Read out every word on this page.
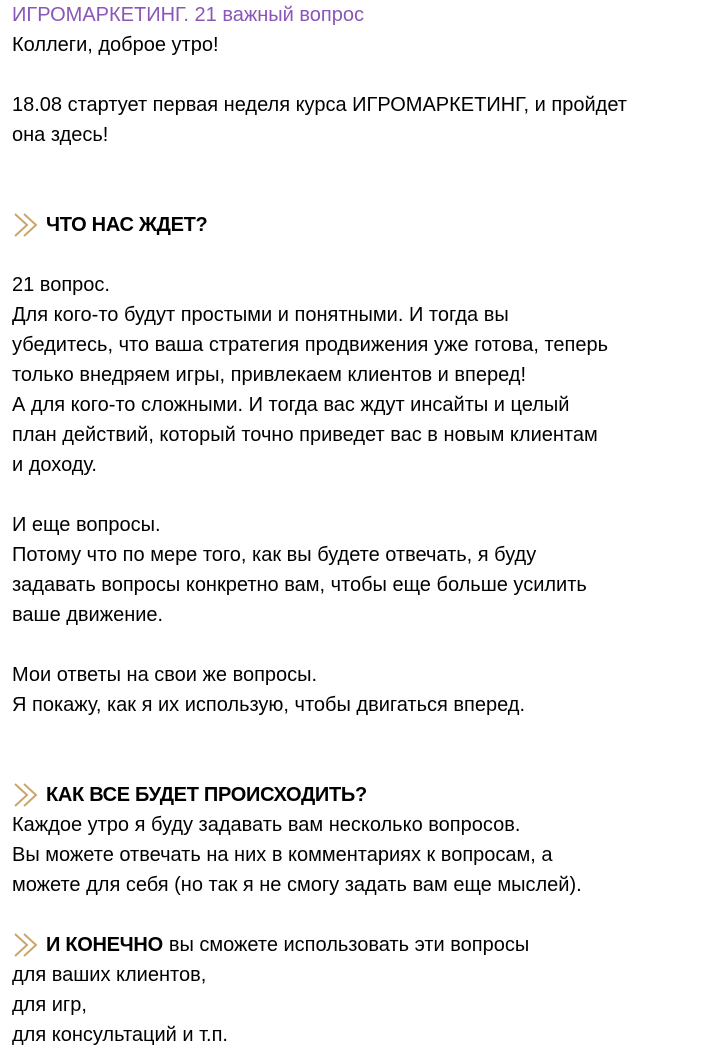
ИГРОМАРКЕТИНГ. 21 важный вопрос
Коллеги, доброе утро!
18.08 стартует первая неделя курса ИГРОМАРКЕТИНГ, и пройдет
она здесь!
ЧТО НАС ЖДЕТ?
21 вопрос.
Для кого-то будут простыми и понятными. И тогда вы
убедитесь, что ваша стратегия продвижения уже готова, теперь
только внедряем игры, привлекаем клиентов и вперед!
А для кого-то сложными. И тогда вас ждут инсайты и целый
план действий, который точно приведет вас в новым клиентам
и доходу.
И еще вопросы.
Потому что по мере того, как вы будете отвечать, я буду
задавать вопросы конкретно вам, чтобы еще больше усилить
ваше движение.
Мои ответы на свои же вопросы.
Я покажу, как я их использую, чтобы двигаться вперед.
КАК ВСЕ БУДЕТ ПРОИСХОДИТЬ?
Каждое утро я буду задавать вам несколько вопросов.
Вы можете отвечать на них в комментариях к вопросам, а
можете для себя (но так я не смогу задать вам еще мыслей).
И КОНЕЧНО вы сможете использовать эти вопросы
для ваших клиентов,
для игр,
для консультаций и т.п.
